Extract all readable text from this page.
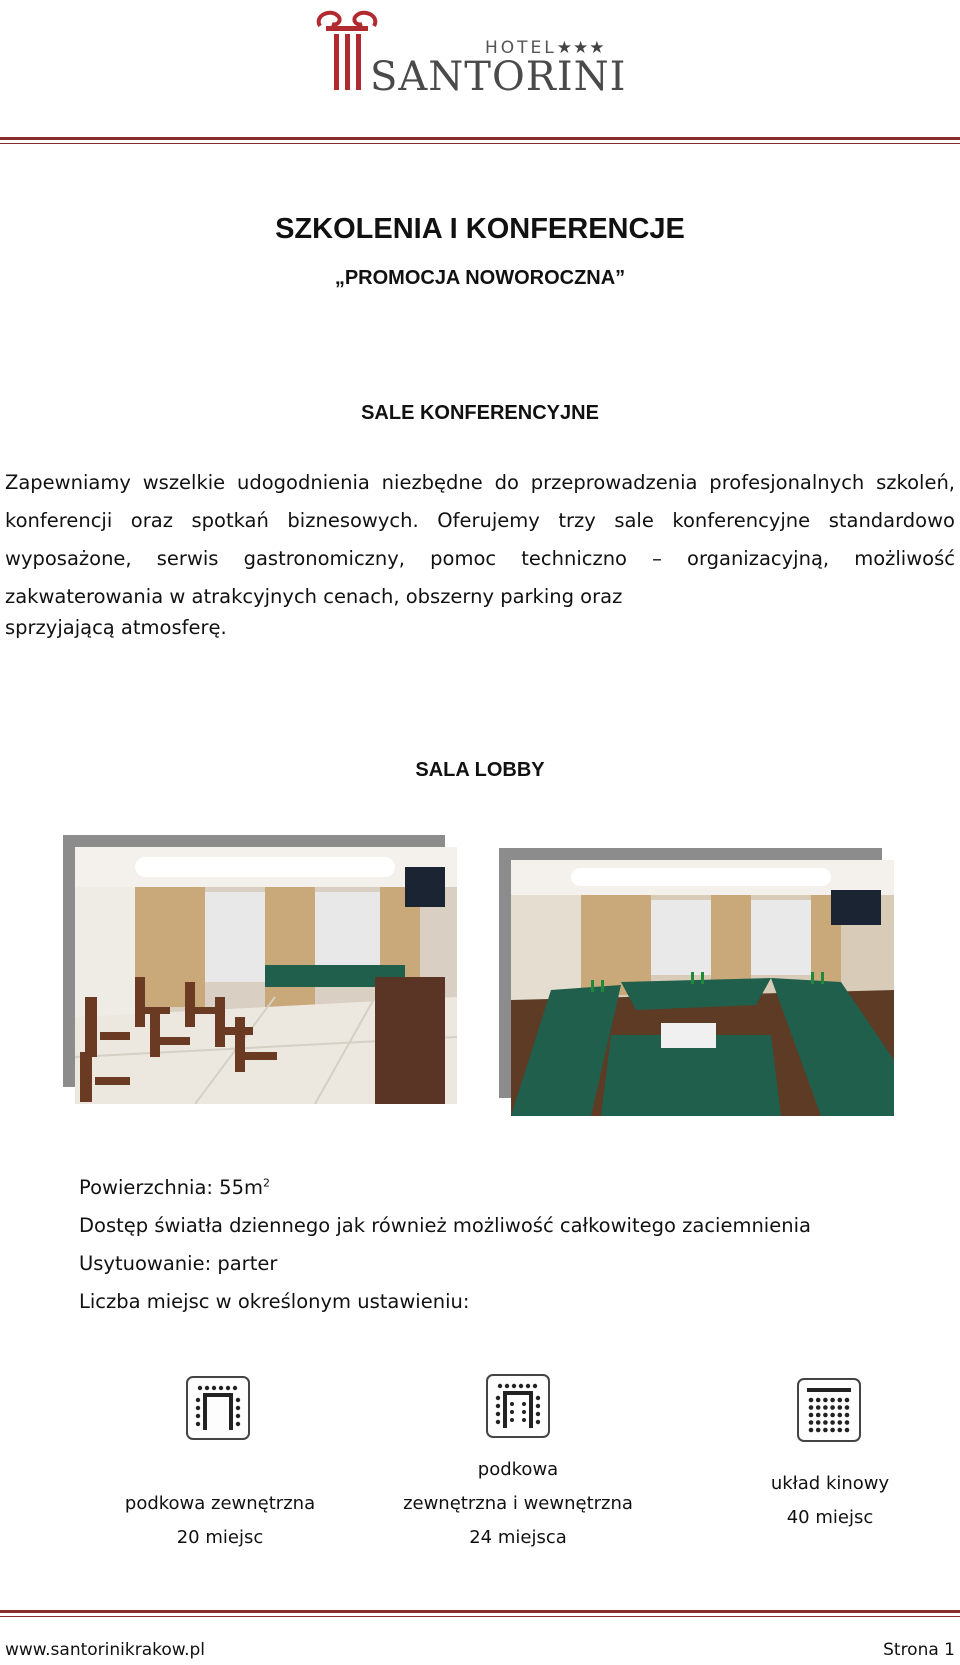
HOTEL★★★
SANTORINI
SZKOLENIA I KONFERENCJE
„PROMOCJA NOWOROCZNA”
SALE KONFERENCYJNE
Zapewniamy wszelkie udogodnienia niezbędne do przeprowadzenia profesjonalnych szkoleń, konferencji oraz spotkań biznesowych. Oferujemy trzy sale konferencyjne standardowo wyposażone, serwis gastronomiczny, pomoc techniczno – organizacyjną, możliwość zakwaterowania w atrakcyjnych cenach, obszerny parking oraz
sprzyjającą atmosferę.
SALA LOBBY
Powierzchnia: $55m^2$
Dostęp światła dziennego jak również możliwość całkowitego zaciemnienia
Usytuowanie: parter
Liczba miejsc w określonym ustawieniu:
podkowa zewnętrzna
20 miejsc
podkowa
zewnętrzna i wewnętrzna
24 miejsca
układ kinowy
40 miejsc
www.santorinikrakow.pl	Strona 1
